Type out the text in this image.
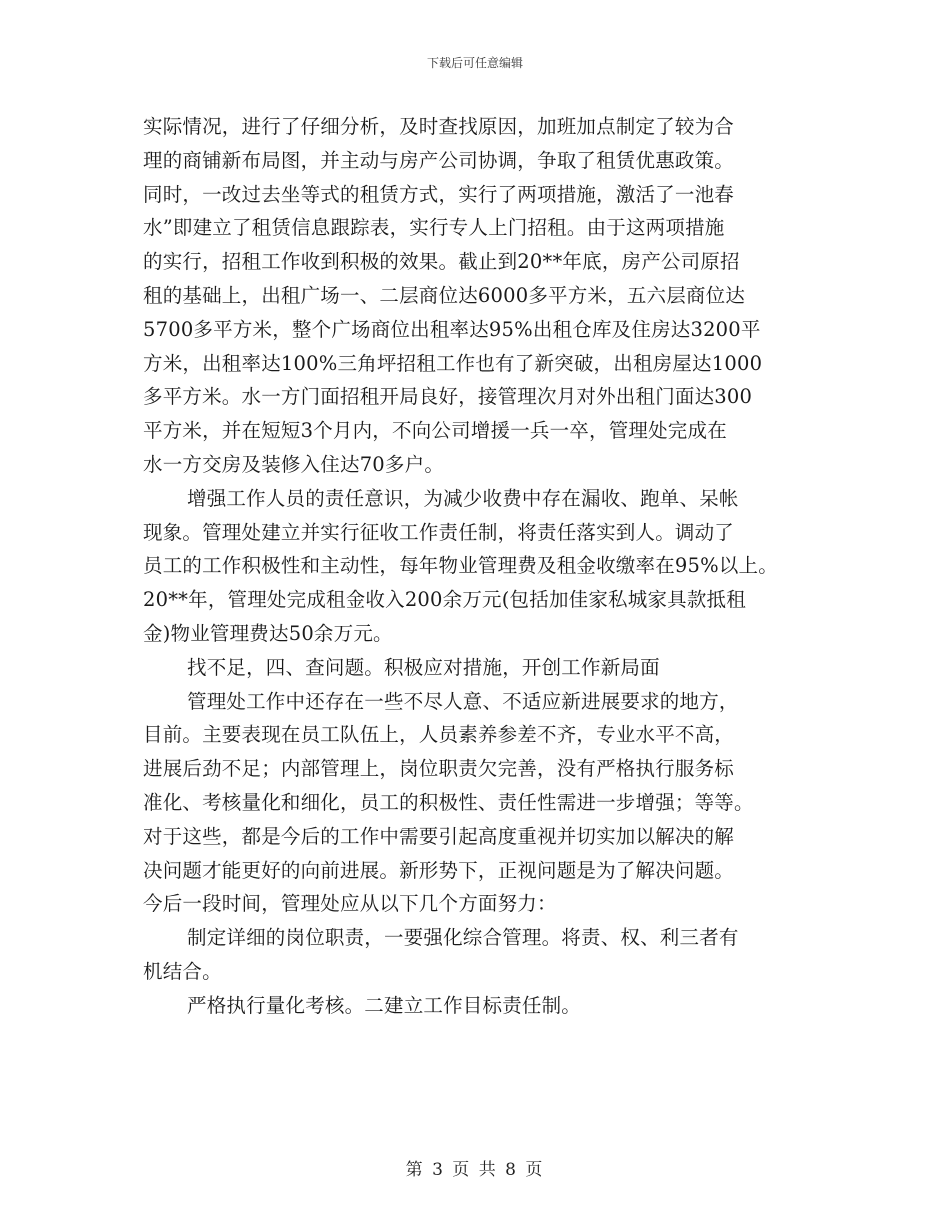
下载后可任意编辑
实际情况，进行了仔细分析，及时查找原因，加班加点制定了较为合
理的商铺新布局图，并主动与房产公司协调，争取了租赁优惠政策。
同时，一改过去坐等式的租赁方式，实行了两项措施，激活了一池春
水”即建立了租赁信息跟踪表，实行专人上门招租。由于这两项措施
的实行，招租工作收到积极的效果。截止到20**年底，房产公司原招
租的基础上，出租广场一、二层商位达6000多平方米，五六层商位达
5700多平方米，整个广场商位出租率达95%出租仓库及住房达3200平
方米，出租率达100%三角坪招租工作也有了新突破，出租房屋达1000
多平方米。水一方门面招租开局良好，接管理次月对外出租门面达300
平方米，并在短短3个月内，不向公司增援一兵一卒，管理处完成在
水一方交房及装修入住达70多户。
增强工作人员的责任意识，为减少收费中存在漏收、跑单、呆帐
现象。管理处建立并实行征收工作责任制，将责任落实到人。调动了
员工的工作积极性和主动性，每年物业管理费及租金收缴率在95%以上。
20**年，管理处完成租金收入200余万元(包括加佳家私城家具款抵租
金)物业管理费达50余万元。
找不足，四、查问题。积极应对措施，开创工作新局面
管理处工作中还存在一些不尽人意、不适应新进展要求的地方，
目前。主要表现在员工队伍上，人员素养参差不齐，专业水平不高，
进展后劲不足；内部管理上，岗位职责欠完善，没有严格执行服务标
准化、考核量化和细化，员工的积极性、责任性需进一步增强；等等。
对于这些，都是今后的工作中需要引起高度重视并切实加以解决的解
决问题才能更好的向前进展。新形势下，正视问题是为了解决问题。
今后一段时间，管理处应从以下几个方面努力：
制定详细的岗位职责，一要强化综合管理。将责、权、利三者有
机结合。
严格执行量化考核。二建立工作目标责任制。
第 3 页 共 8 页
